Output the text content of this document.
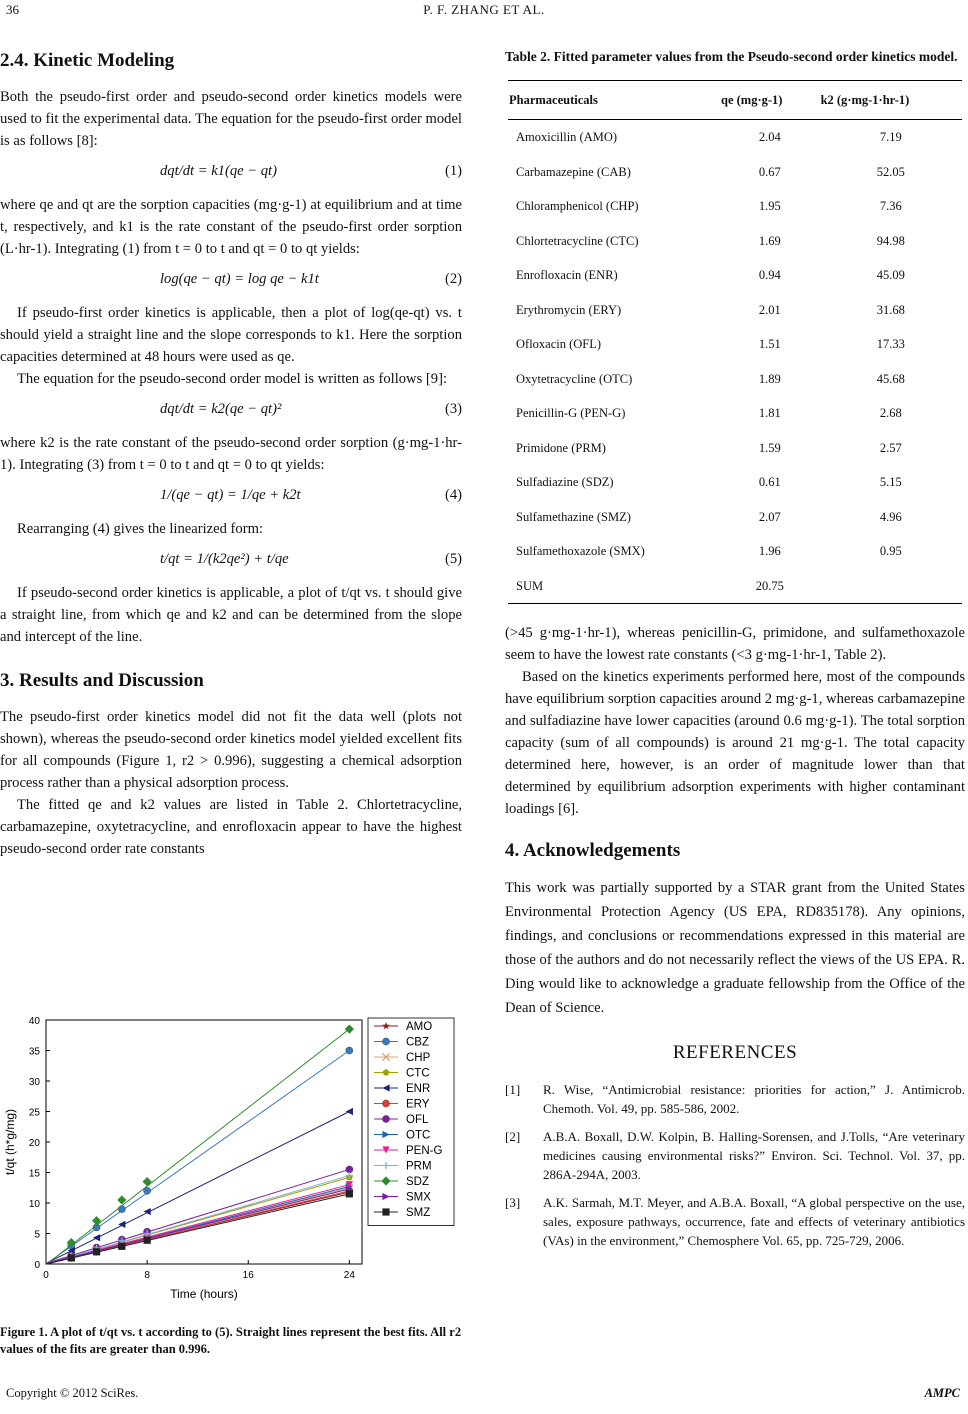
36	P. F. ZHANG ET AL.
2.4. Kinetic Modeling

Both the pseudo-first order and pseudo-second order kinetics models were used to fit the experimental data. The equation for the pseudo-first order model is as follows [8]:

dqt/dt = k1(qe − qt)	(1)

where qe and qt are the sorption capacities (mg·g-1) at equilibrium and at time t, respectively, and k1 is the rate constant of the pseudo-first order sorption (L·hr-1). Integrating (1) from t = 0 to t and qt = 0 to qt yields:

log(qe − qt) = log qe − k1t	(2)

If pseudo-first order kinetics is applicable, then a plot of log(qe-qt) vs. t should yield a straight line and the slope corresponds to k1. Here the sorption capacities determined at 48 hours were used as qe.

The equation for the pseudo-second order model is written as follows [9]:

dqt/dt = k2(qe − qt)²	(3)

where k2 is the rate constant of the pseudo-second order sorption (g·mg-1·hr-1). Integrating (3) from t = 0 to t and qt = 0 to qt yields:

1/(qe − qt) = 1/qe + k2t	(4)

Rearranging (4) gives the linearized form:

t/qt = 1/(k2qe²) + t/qe	(5)

If pseudo-second order kinetics is applicable, a plot of t/qt vs. t should give a straight line, from which qe and k2 and can be determined from the slope and intercept of the line.

3. Results and Discussion

The pseudo-first order kinetics model did not fit the data well (plots not shown), whereas the pseudo-second order kinetics model yielded excellent fits for all compounds (Figure 1, r2 > 0.996), suggesting a chemical adsorption process rather than a physical adsorption process.

The fitted qe and k2 values are listed in Table 2. Chlortetracycline, carbamazepine, oxytetracycline, and enrofloxacin appear to have the highest pseudo-second order rate constants

0
5
10
15
20
25
30
35
40
0	8	16	24
Time (hours)
t/qt (h*g/mg)
AMO
CBZ
CHP
CTC
ENR
ERY
OFL
OTC
PEN-G
PRM
SDZ
SMX
SMZ
Figure 1. A plot of t/qt vs. t according to (5). Straight lines represent the best fits. All r2 values of the fits are greater than 0.996.
Table 2. Fitted parameter values from the Pseudo-second order kinetics model.
Pharmaceuticals	qe (mg·g-1)	k2 (g·mg-1·hr-1)
Amoxicillin (AMO)	2.04	7.19
Carbamazepine (CAB)	0.67	52.05
Chloramphenicol (CHP)	1.95	7.36
Chlortetracycline (CTC)	1.69	94.98
Enrofloxacin (ENR)	0.94	45.09
Erythromycin (ERY)	2.01	31.68
Ofloxacin (OFL)	1.51	17.33
Oxytetracycline (OTC)	1.89	45.68
Penicillin-G (PEN-G)	1.81	2.68
Primidone (PRM)	1.59	2.57
Sulfadiazine (SDZ)	0.61	5.15
Sulfamethazine (SMZ)	2.07	4.96
Sulfamethoxazole (SMX)	1.96	0.95
SUM	20.75	

(>45 g·mg-1·hr-1), whereas penicillin-G, primidone, and sulfamethoxazole seem to have the lowest rate constants (<3 g·mg-1·hr-1, Table 2).

Based on the kinetics experiments performed here, most of the compounds have equilibrium sorption capacities around 2 mg·g-1, whereas carbamazepine and sulfadiazine have lower capacities (around 0.6 mg·g-1). The total sorption capacity (sum of all compounds) is around 21 mg·g-1. The total capacity determined here, however, is an order of magnitude lower than that determined by equilibrium adsorption experiments with higher contaminant loadings [6].

4. Acknowledgements

This work was partially supported by a STAR grant from the United States Environmental Protection Agency (US EPA, RD835178). Any opinions, findings, and conclusions or recommendations expressed in this material are those of the authors and do not necessarily reflect the views of the US EPA. R. Ding would like to acknowledge a graduate fellowship from the Office of the Dean of Science.

REFERENCES
[1]	R. Wise, “Antimicrobial resistance: priorities for action,” J. Antimicrob. Chemoth. Vol. 49, pp. 585-586, 2002.
[2]	A.B.A. Boxall, D.W. Kolpin, B. Halling-Sorensen, and J.Tolls, “Are veterinary medicines causing environmental risks?” Environ. Sci. Technol. Vol. 37, pp. 286A-294A, 2003.
[3]	A.K. Sarmah, M.T. Meyer, and A.B.A. Boxall, “A global perspective on the use, sales, exposure pathways, occurrence, fate and effects of veterinary antibiotics (VAs) in the environment,” Chemosphere Vol. 65, pp. 725-729, 2006.
Copyright © 2012 SciRes.	AMPC
